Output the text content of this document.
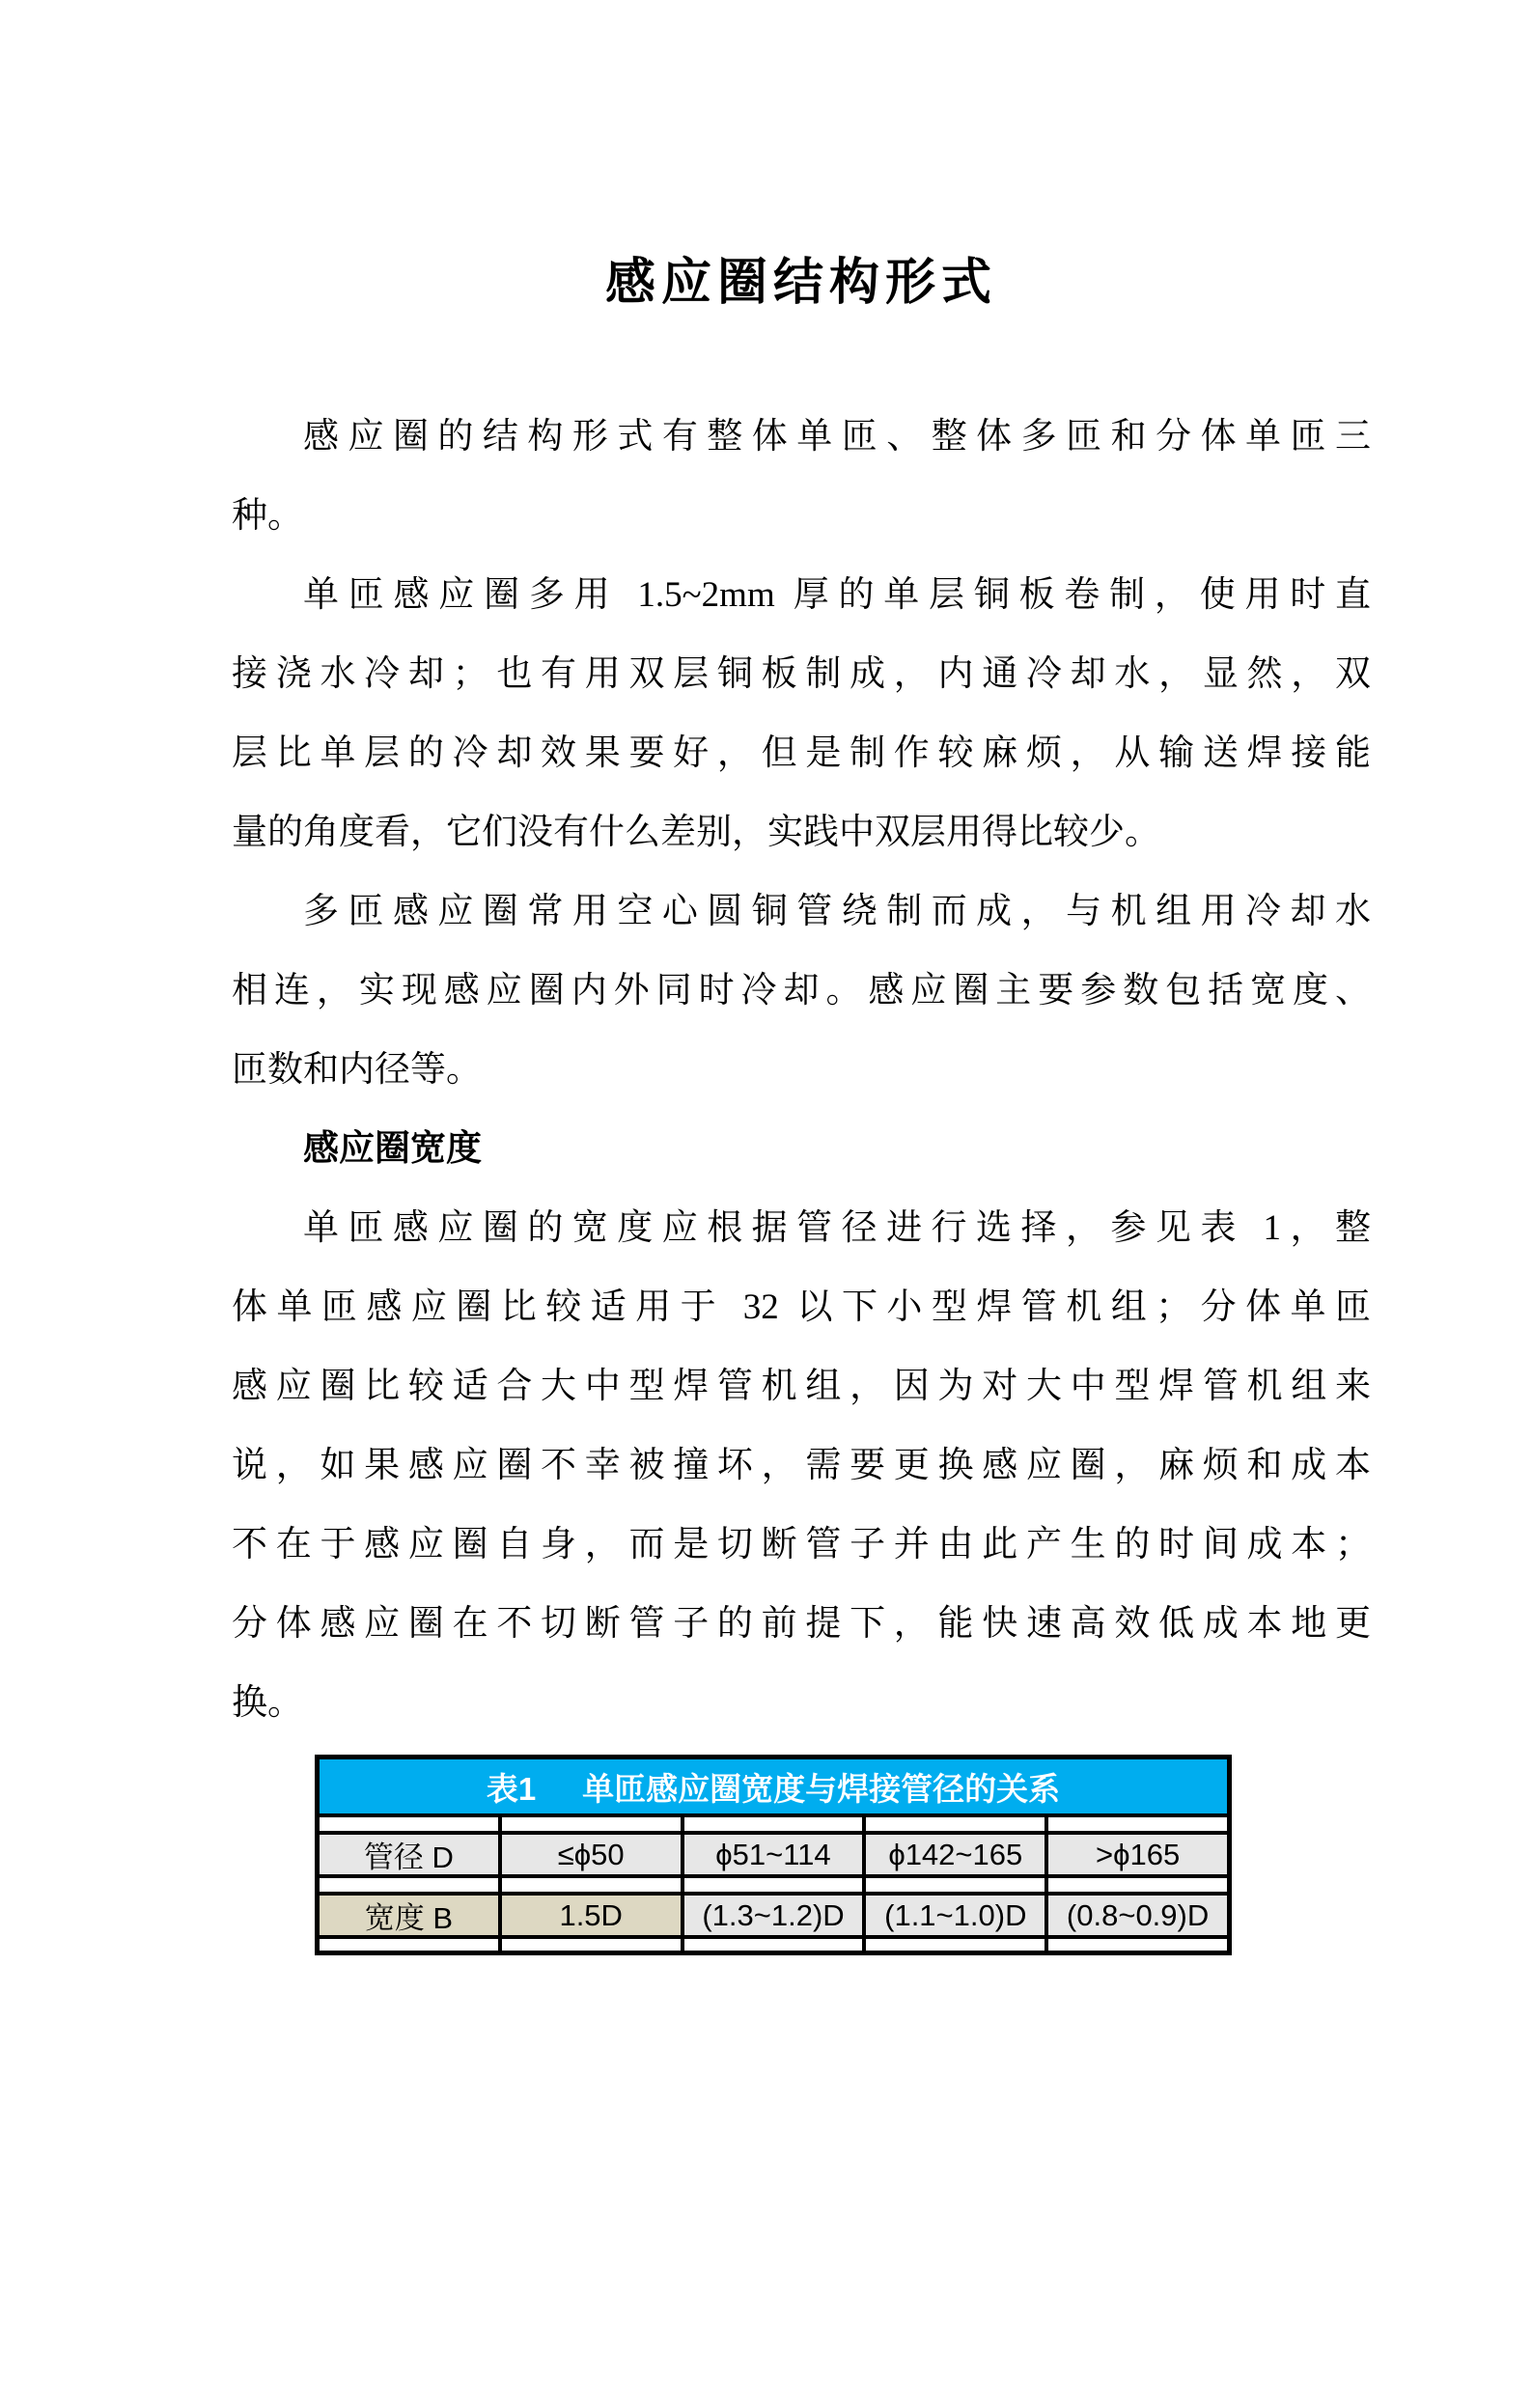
感应圈结构形式
感应圈的结构形式有整体单匝、整体多匝和分体单匝三
种。
单匝感应圈多用 1.5~2mm 厚的单层铜板卷制，使用时直
接浇水冷却；也有用双层铜板制成，内通冷却水，显然，双
层比单层的冷却效果要好，但是制作较麻烦，从输送焊接能
量的角度看，它们没有什么差别，实践中双层用得比较少。
多匝感应圈常用空心圆铜管绕制而成，与机组用冷却水
相连，实现感应圈内外同时冷却。感应圈主要参数包括宽度、
匝数和内径等。
感应圈宽度
单匝感应圈的宽度应根据管径进行选择，参见表 1，整
体单匝感应圈比较适用于 32 以下小型焊管机组；分体单匝
感应圈比较适合大中型焊管机组，因为对大中型焊管机组来
说，如果感应圈不幸被撞坏，需要更换感应圈，麻烦和成本
不在于感应圈自身，而是切断管子并由此产生的时间成本；
分体感应圈在不切断管子的前提下，能快速高效低成本地更
换。
表1 单匝感应圈宽度与焊接管径的关系
管径 D	≤ϕ50	ϕ51~114	ϕ142~165	>ϕ165
宽度 B	1.5D	(1.3~1.2)D	(1.1~1.0)D	(0.8~0.9)D
